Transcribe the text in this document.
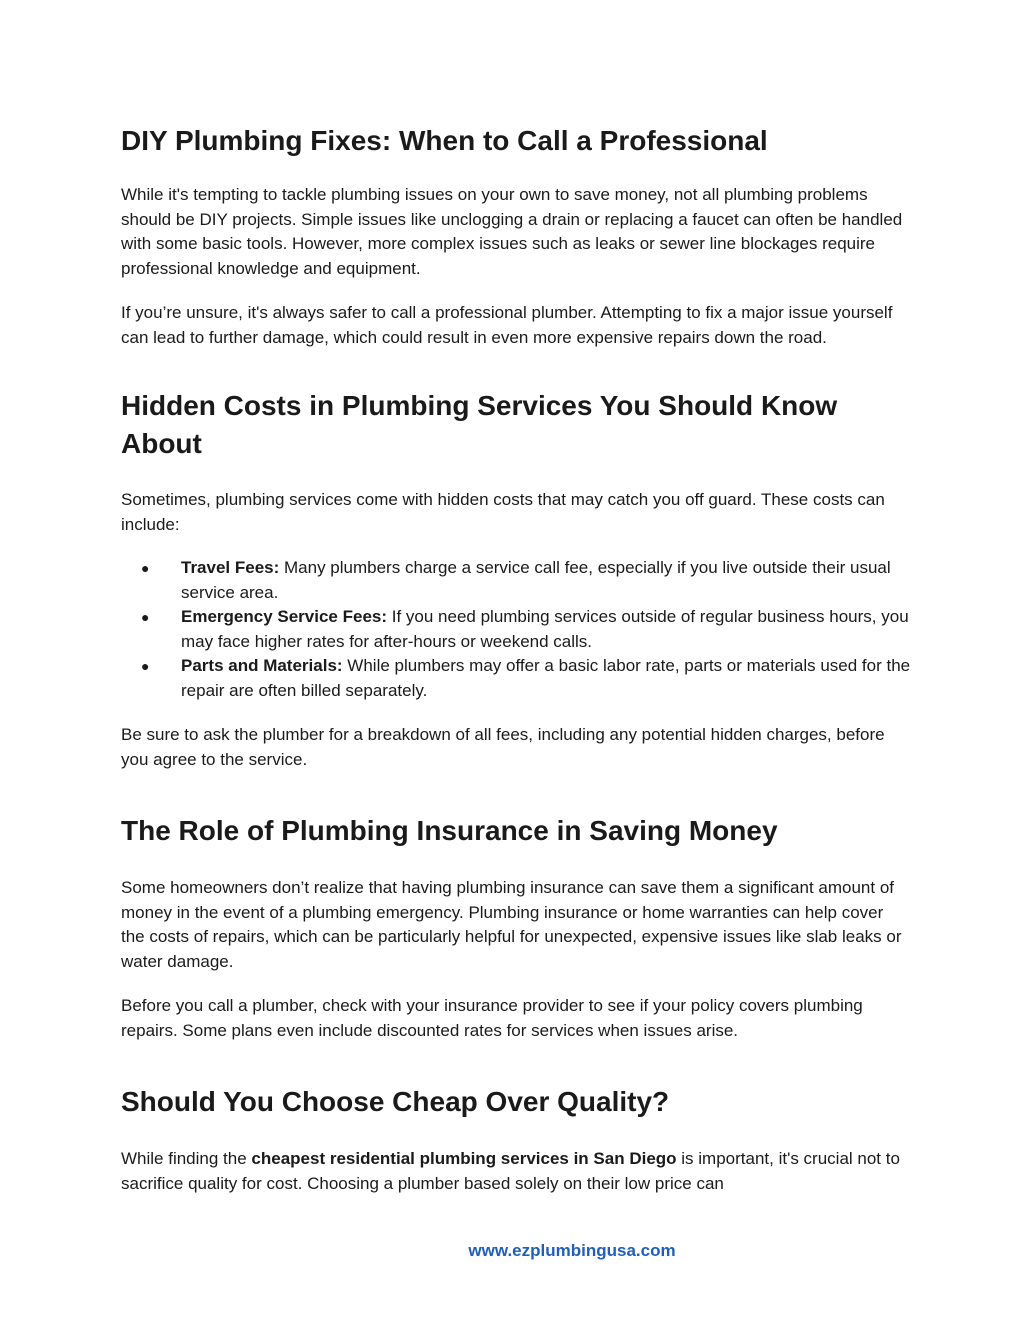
DIY Plumbing Fixes: When to Call a Professional

While it's tempting to tackle plumbing issues on your own to save money, not all plumbing problems should be DIY projects. Simple issues like unclogging a drain or replacing a faucet can often be handled with some basic tools. However, more complex issues such as leaks or sewer line blockages require professional knowledge and equipment.

If you’re unsure, it's always safer to call a professional plumber. Attempting to fix a major issue yourself can lead to further damage, which could result in even more expensive repairs down the road.

Hidden Costs in Plumbing Services You Should Know About

Sometimes, plumbing services come with hidden costs that may catch you off guard. These costs can include:

● Travel Fees: Many plumbers charge a service call fee, especially if you live outside their usual service area.
● Emergency Service Fees: If you need plumbing services outside of regular business hours, you may face higher rates for after-hours or weekend calls.
● Parts and Materials: While plumbers may offer a basic labor rate, parts or materials used for the repair are often billed separately.

Be sure to ask the plumber for a breakdown of all fees, including any potential hidden charges, before you agree to the service.

The Role of Plumbing Insurance in Saving Money

Some homeowners don’t realize that having plumbing insurance can save them a significant amount of money in the event of a plumbing emergency. Plumbing insurance or home warranties can help cover the costs of repairs, which can be particularly helpful for unexpected, expensive issues like slab leaks or water damage.

Before you call a plumber, check with your insurance provider to see if your policy covers plumbing repairs. Some plans even include discounted rates for services when issues arise.

Should You Choose Cheap Over Quality?

While finding the cheapest residential plumbing services in San Diego is important, it's crucial not to sacrifice quality for cost. Choosing a plumber based solely on their low price can

www.ezplumbingusa.com
